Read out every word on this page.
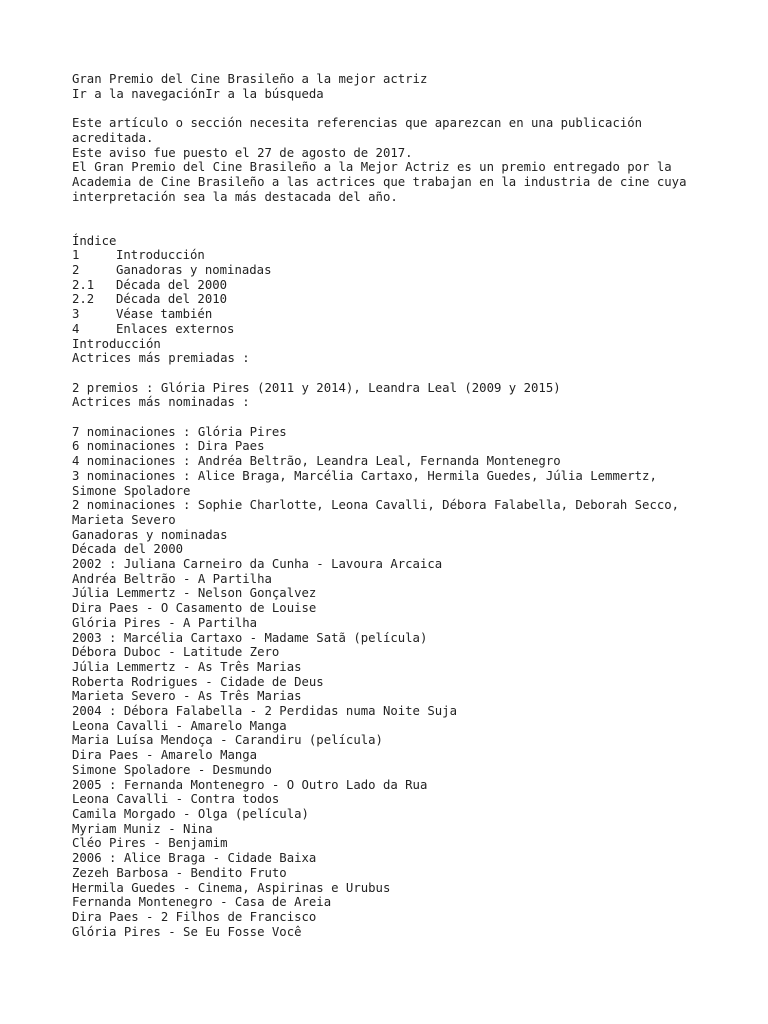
Gran Premio del Cine Brasileño a la mejor actriz
Ir a la navegaciónIr a la búsqueda
Este artículo o sección necesita referencias que aparezcan en una publicación
acreditada.
Este aviso fue puesto el 27 de agosto de 2017.
El Gran Premio del Cine Brasileño a la Mejor Actriz es un premio entregado por la
Academia de Cine Brasileño a las actrices que trabajan en la industria de cine cuya
interpretación sea la más destacada del año.
Índice
1	Introducción
2	Ganadoras y nominadas
2.1 Década del 2000
2.2 Década del 2010
3	Véase también
4	Enlaces externos
Introducción
Actrices más premiadas :
2 premios : Glória Pires (2011 y 2014), Leandra Leal (2009 y 2015)
Actrices más nominadas :
7 nominaciones : Glória Pires
6 nominaciones : Dira Paes
4 nominaciones : Andréa Beltrão, Leandra Leal, Fernanda Montenegro
3 nominaciones : Alice Braga, Marcélia Cartaxo, Hermila Guedes, Júlia Lemmertz,
Simone Spoladore
2 nominaciones : Sophie Charlotte, Leona Cavalli, Débora Falabella, Deborah Secco,
Marieta Severo
Ganadoras y nominadas
Década del 2000
2002 : Juliana Carneiro da Cunha - Lavoura Arcaica
Andréa Beltrão - A Partilha
Júlia Lemmertz - Nelson Gonçalvez
Dira Paes - O Casamento de Louise
Glória Pires - A Partilha
2003 : Marcélia Cartaxo - Madame Satã (película)
Débora Duboc - Latitude Zero
Júlia Lemmertz - As Três Marias
Roberta Rodrigues - Cidade de Deus
Marieta Severo - As Três Marias
2004 : Débora Falabella - 2 Perdidas numa Noite Suja
Leona Cavalli - Amarelo Manga
Maria Luísa Mendoça - Carandiru (película)
Dira Paes - Amarelo Manga
Simone Spoladore - Desmundo
2005 : Fernanda Montenegro - O Outro Lado da Rua
Leona Cavalli - Contra todos
Camila Morgado - Olga (película)
Myriam Muniz - Nina
Cléo Pires - Benjamim
2006 : Alice Braga - Cidade Baixa
Zezeh Barbosa - Bendito Fruto
Hermila Guedes - Cinema, Aspirinas e Urubus
Fernanda Montenegro - Casa de Areia
Dira Paes - 2 Filhos de Francisco
Glória Pires - Se Eu Fosse Você
